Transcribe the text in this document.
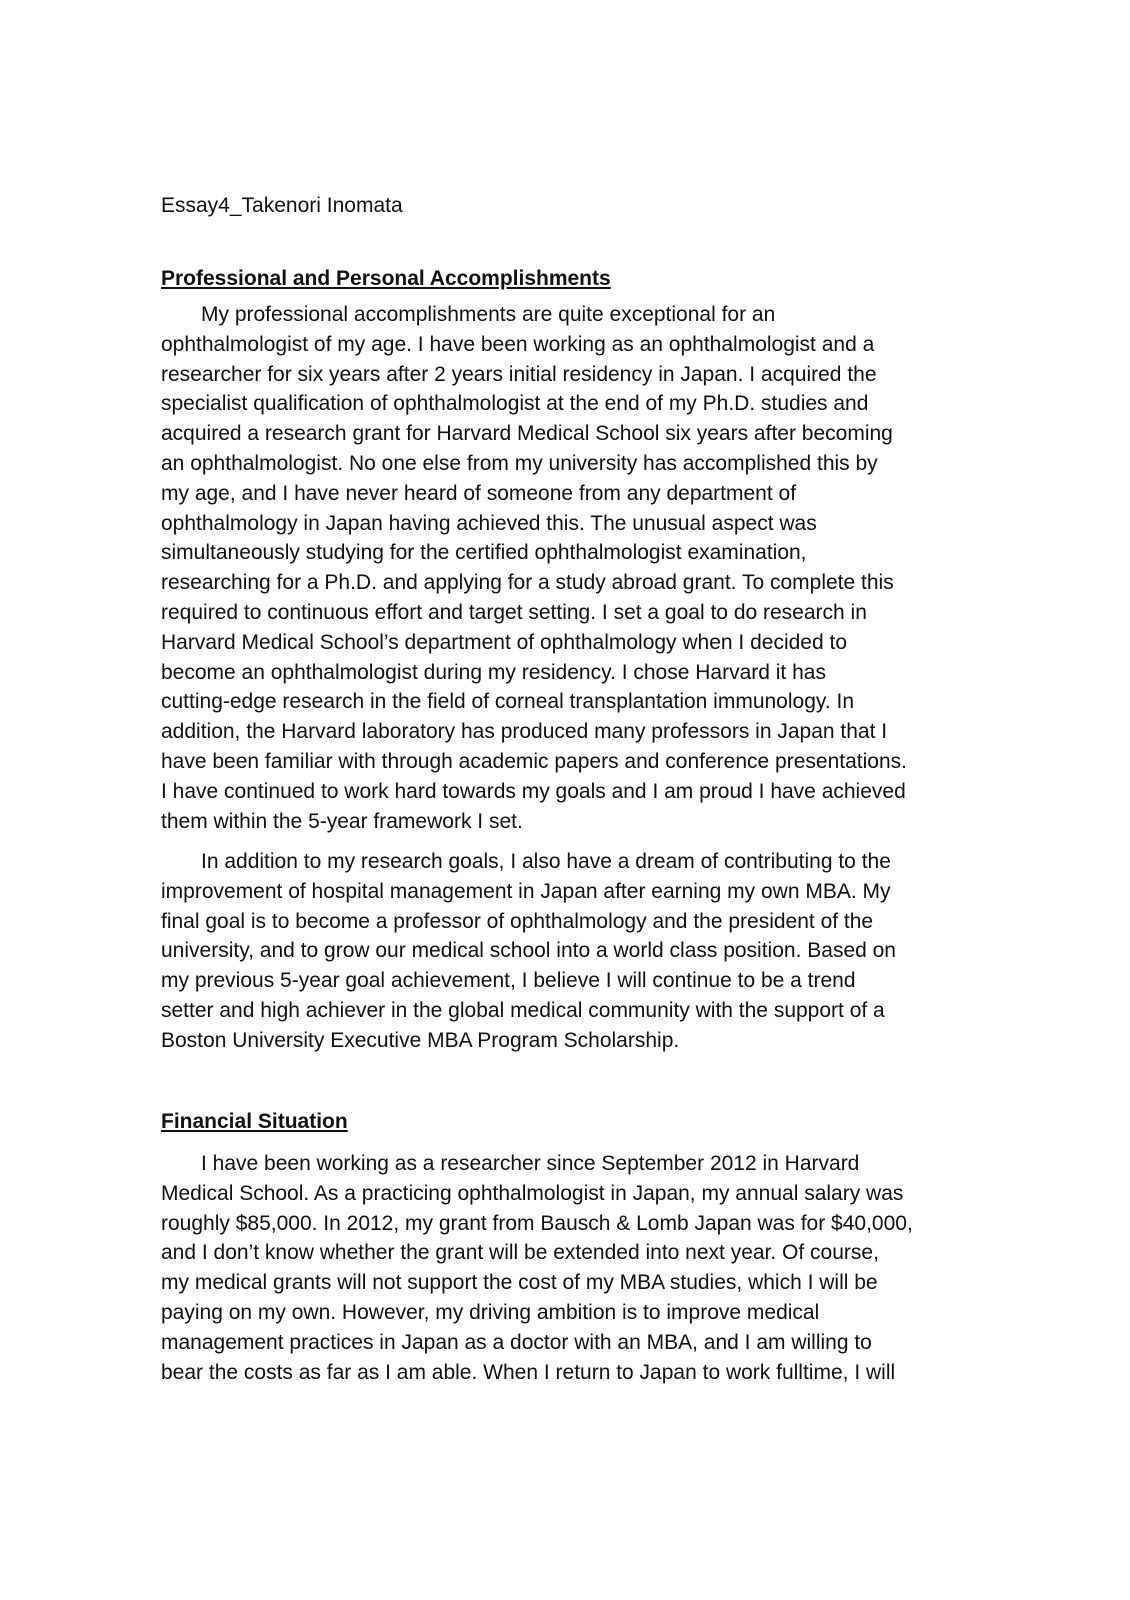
Essay4_Takenori Inomata
Professional and Personal Accomplishments
My professional accomplishments are quite exceptional for an
ophthalmologist of my age. I have been working as an ophthalmologist and a
researcher for six years after 2 years initial residency in Japan. I acquired the
specialist qualification of ophthalmologist at the end of my Ph.D. studies and
acquired a research grant for Harvard Medical School six years after becoming
an ophthalmologist. No one else from my university has accomplished this by
my age, and I have never heard of someone from any department of
ophthalmology in Japan having achieved this. The unusual aspect was
simultaneously studying for the certified ophthalmologist examination,
researching for a Ph.D. and applying for a study abroad grant. To complete this
required to continuous effort and target setting. I set a goal to do research in
Harvard Medical School’s department of ophthalmology when I decided to
become an ophthalmologist during my residency. I chose Harvard it has
cutting-edge research in the field of corneal transplantation immunology. In
addition, the Harvard laboratory has produced many professors in Japan that I
have been familiar with through academic papers and conference presentations.
I have continued to work hard towards my goals and I am proud I have achieved
them within the 5-year framework I set.
In addition to my research goals, I also have a dream of contributing to the
improvement of hospital management in Japan after earning my own MBA. My
final goal is to become a professor of ophthalmology and the president of the
university, and to grow our medical school into a world class position. Based on
my previous 5-year goal achievement, I believe I will continue to be a trend
setter and high achiever in the global medical community with the support of a
Boston University Executive MBA Program Scholarship.
Financial Situation
I have been working as a researcher since September 2012 in Harvard
Medical School. As a practicing ophthalmologist in Japan, my annual salary was
roughly $85,000. In 2012, my grant from Bausch & Lomb Japan was for $40,000,
and I don’t know whether the grant will be extended into next year. Of course,
my medical grants will not support the cost of my MBA studies, which I will be
paying on my own. However, my driving ambition is to improve medical
management practices in Japan as a doctor with an MBA, and I am willing to
bear the costs as far as I am able. When I return to Japan to work fulltime, I will
